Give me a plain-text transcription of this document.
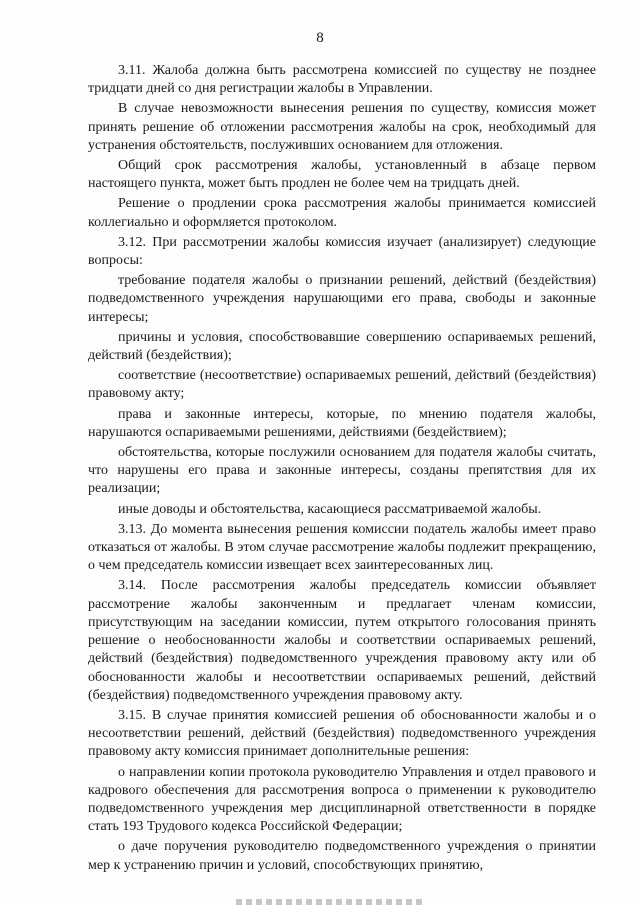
8

3.11. Жалоба должна быть рассмотрена комиссией по существу не позднее тридцати дней со дня регистрации жалобы в Управлении.

В случае невозможности вынесения решения по существу, комиссия может принять решение об отложении рассмотрения жалобы на срок, необходимый для устранения обстоятельств, послуживших основанием для отложения.

Общий срок рассмотрения жалобы, установленный в абзаце первом настоящего пункта, может быть продлен не более чем на тридцать дней.

Решение о продлении срока рассмотрения жалобы принимается комиссией коллегиально и оформляется протоколом.

3.12. При рассмотрении жалобы комиссия изучает (анализирует) следующие вопросы:

требование подателя жалобы о признании решений, действий (бездействия) подведомственного учреждения нарушающими его права, свободы и законные интересы;

причины и условия, способствовавшие совершению оспариваемых решений, действий (бездействия);

соответствие (несоответствие) оспариваемых решений, действий (бездействия) правовому акту;

права и законные интересы, которые, по мнению подателя жалобы, нарушаются оспариваемыми решениями, действиями (бездействием);

обстоятельства, которые послужили основанием для подателя жалобы считать, что нарушены его права и законные интересы, созданы препятствия для их реализации;

иные доводы и обстоятельства, касающиеся рассматриваемой жалобы.

3.13. До момента вынесения решения комиссии податель жалобы имеет право отказаться от жалобы. В этом случае рассмотрение жалобы подлежит прекращению, о чем председатель комиссии извещает всех заинтересованных лиц.

3.14. После рассмотрения жалобы председатель комиссии объявляет рассмотрение жалобы законченным и предлагает членам комиссии, присутствующим на заседании комиссии, путем открытого голосования принять решение о необоснованности жалобы и соответствии оспариваемых решений, действий (бездействия) подведомственного учреждения правовому акту или об обоснованности жалобы и несоответствии оспариваемых решений, действий (бездействия) подведомственного учреждения правовому акту.

3.15. В случае принятия комиссией решения об обоснованности жалобы и о несоответствии решений, действий (бездействия) подведомственного учреждения правовому акту комиссия принимает дополнительные решения:

о направлении копии протокола руководителю Управления и отдел правового и кадрового обеспечения для рассмотрения вопроса о применении к руководителю подведомственного учреждения мер дисциплинарной ответственности в порядке стать 193 Трудового кодекса Российской Федерации;

о даче поручения руководителю подведомственного учреждения о принятии мер к устранению причин и условий, способствующих принятию,
